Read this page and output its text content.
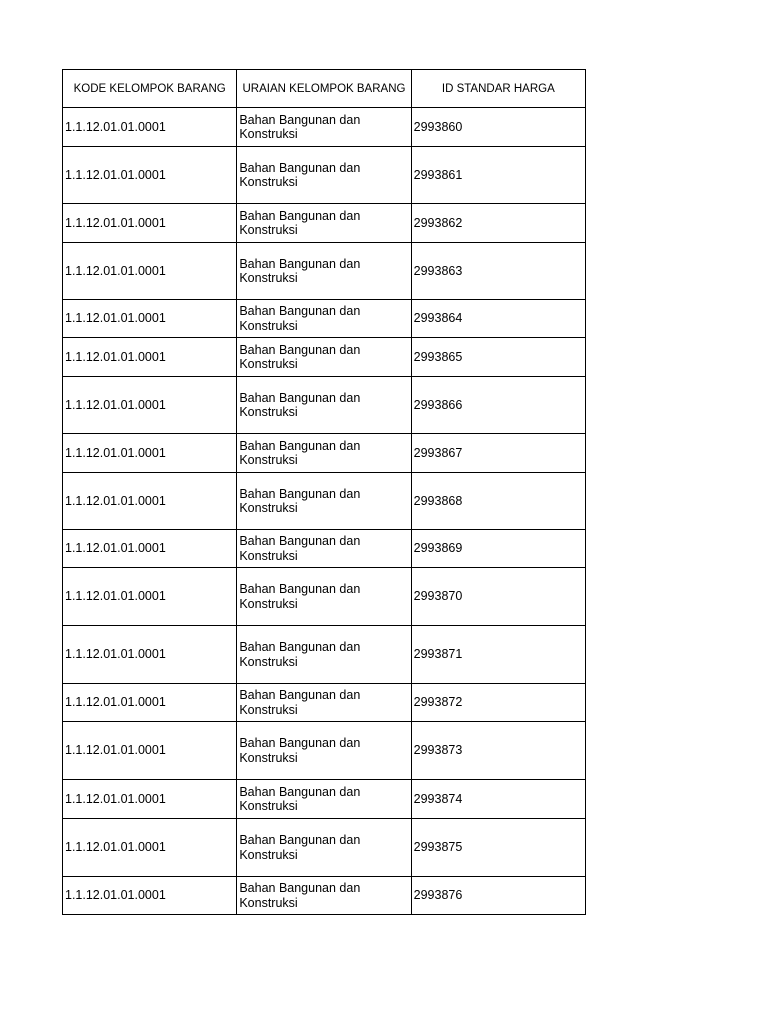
KODE KELOMPOK BARANG	URAIAN KELOMPOK BARANG	ID STANDAR HARGA
1.1.12.01.01.0001	Bahan Bangunan dan
Konstruksi	2993860
1.1.12.01.01.0001	Bahan Bangunan dan
Konstruksi	2993861
1.1.12.01.01.0001	Bahan Bangunan dan
Konstruksi	2993862
1.1.12.01.01.0001	Bahan Bangunan dan
Konstruksi	2993863
1.1.12.01.01.0001	Bahan Bangunan dan
Konstruksi	2993864
1.1.12.01.01.0001	Bahan Bangunan dan
Konstruksi	2993865
1.1.12.01.01.0001	Bahan Bangunan dan
Konstruksi	2993866
1.1.12.01.01.0001	Bahan Bangunan dan
Konstruksi	2993867
1.1.12.01.01.0001	Bahan Bangunan dan
Konstruksi	2993868
1.1.12.01.01.0001	Bahan Bangunan dan
Konstruksi	2993869
1.1.12.01.01.0001	Bahan Bangunan dan
Konstruksi	2993870
1.1.12.01.01.0001	Bahan Bangunan dan
Konstruksi	2993871
1.1.12.01.01.0001	Bahan Bangunan dan
Konstruksi	2993872
1.1.12.01.01.0001	Bahan Bangunan dan
Konstruksi	2993873
1.1.12.01.01.0001	Bahan Bangunan dan
Konstruksi	2993874
1.1.12.01.01.0001	Bahan Bangunan dan
Konstruksi	2993875
1.1.12.01.01.0001	Bahan Bangunan dan
Konstruksi	2993876
